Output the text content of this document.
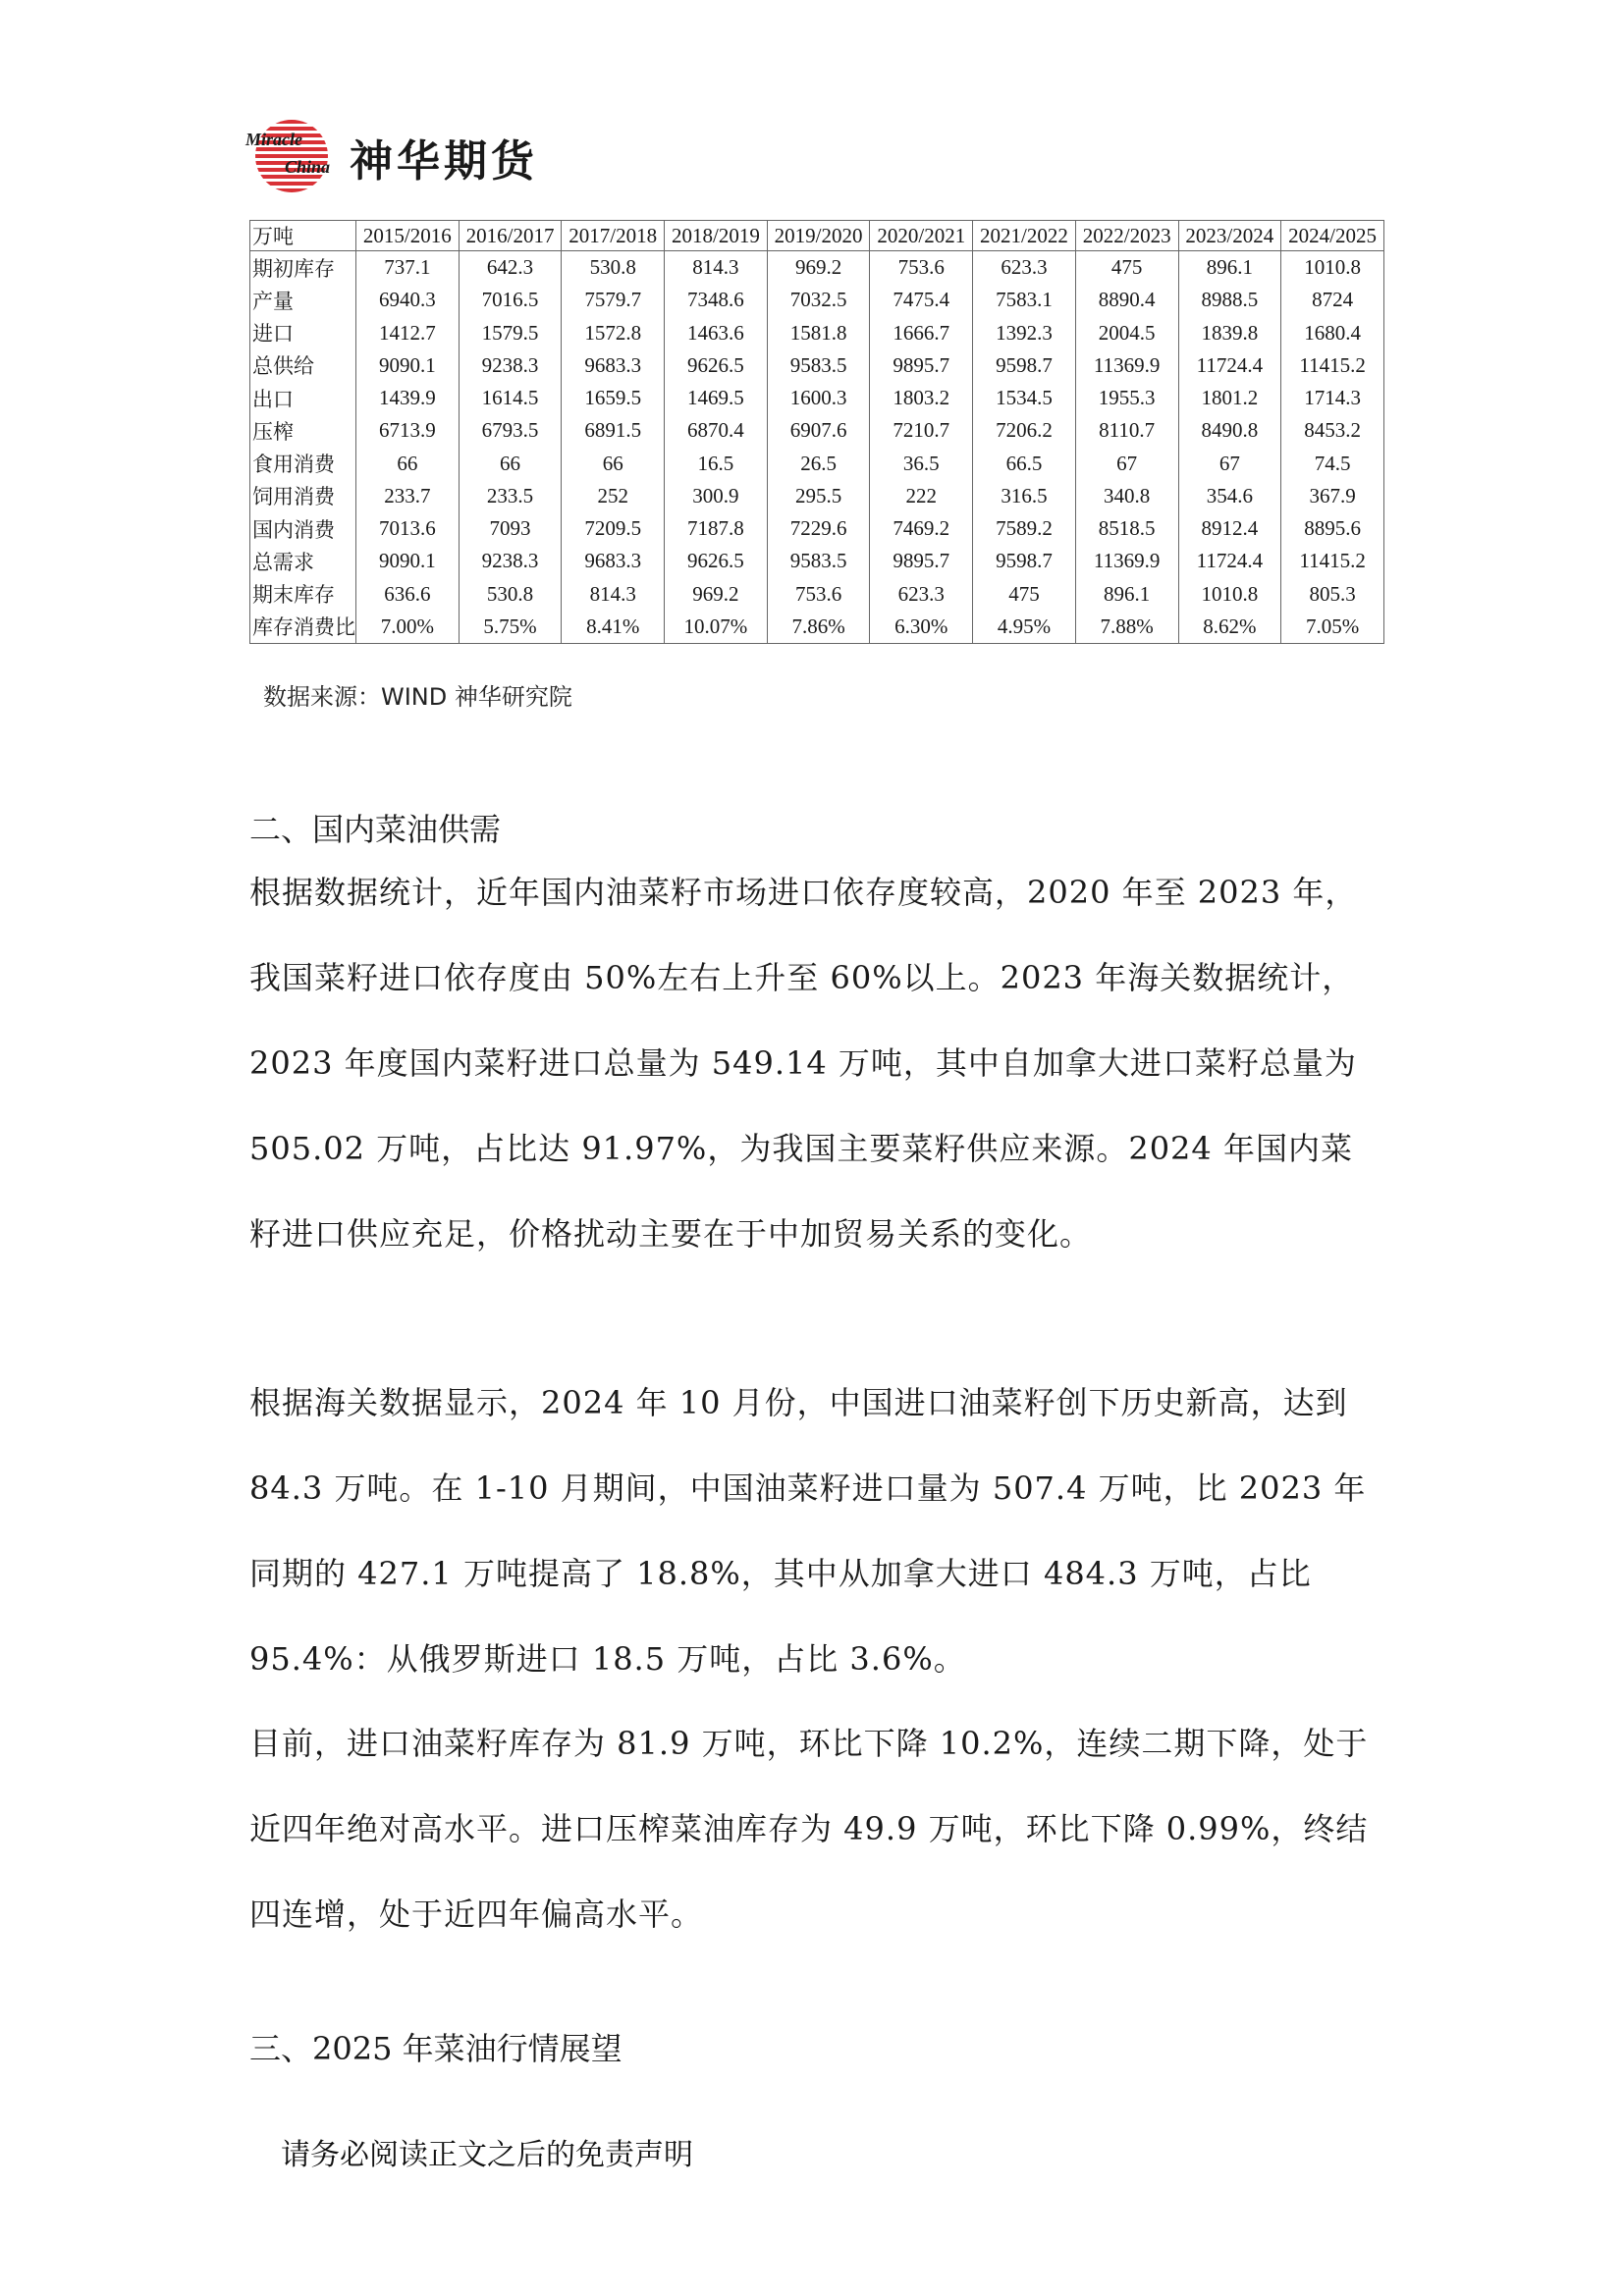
Miracle
China 神华期货
万吨	2015/2016	2016/2017	2017/2018	2018/2019	2019/2020	2020/2021	2021/2022	2022/2023	2023/2024	2024/2025
期初库存	737.1	642.3	530.8	814.3	969.2	753.6	623.3	475	896.1	1010.8
产量	6940.3	7016.5	7579.7	7348.6	7032.5	7475.4	7583.1	8890.4	8988.5	8724
进口	1412.7	1579.5	1572.8	1463.6	1581.8	1666.7	1392.3	2004.5	1839.8	1680.4
总供给	9090.1	9238.3	9683.3	9626.5	9583.5	9895.7	9598.7	11369.9	11724.4	11415.2
出口	1439.9	1614.5	1659.5	1469.5	1600.3	1803.2	1534.5	1955.3	1801.2	1714.3
压榨	6713.9	6793.5	6891.5	6870.4	6907.6	7210.7	7206.2	8110.7	8490.8	8453.2
食用消费	66	66	66	16.5	26.5	36.5	66.5	67	67	74.5
饲用消费	233.7	233.5	252	300.9	295.5	222	316.5	340.8	354.6	367.9
国内消费	7013.6	7093	7209.5	7187.8	7229.6	7469.2	7589.2	8518.5	8912.4	8895.6
总需求	9090.1	9238.3	9683.3	9626.5	9583.5	9895.7	9598.7	11369.9	11724.4	11415.2
期末库存	636.6	530.8	814.3	969.2	753.6	623.3	475	896.1	1010.8	805.3
库存消费比	7.00%	5.75%	8.41%	10.07%	7.86%	6.30%	4.95%	7.88%	8.62%	7.05%
数据来源：WIND 神华研究院
二、国内菜油供需
根据数据统计，近年国内油菜籽市场进口依存度较高，2020 年至 2023 年，我国菜籽进口依存度由 50%左右上升至 60%以上。2023 年海关数据统计，2023 年度国内菜籽进口总量为 549.14 万吨，其中自加拿大进口菜籽总量为 505.02 万吨，占比达 91.97%，为我国主要菜籽供应来源。2024 年国内菜籽进口供应充足，价格扰动主要在于中加贸易关系的变化。
根据海关数据显示，2024 年 10 月份，中国进口油菜籽创下历史新高，达到 84.3 万吨。在 1-10 月期间，中国油菜籽进口量为 507.4 万吨，比 2023 年同期的 427.1 万吨提高了 18.8%，其中从加拿大进口 484.3 万吨，占比 95.4%：从俄罗斯进口 18.5 万吨，占比 3.6%。
目前，进口油菜籽库存为 81.9 万吨，环比下降 10.2%，连续二期下降，处于近四年绝对高水平。进口压榨菜油库存为 49.9 万吨，环比下降 0.99%，终结四连增，处于近四年偏高水平。
三、2025 年菜油行情展望
请务必阅读正文之后的免责声明
